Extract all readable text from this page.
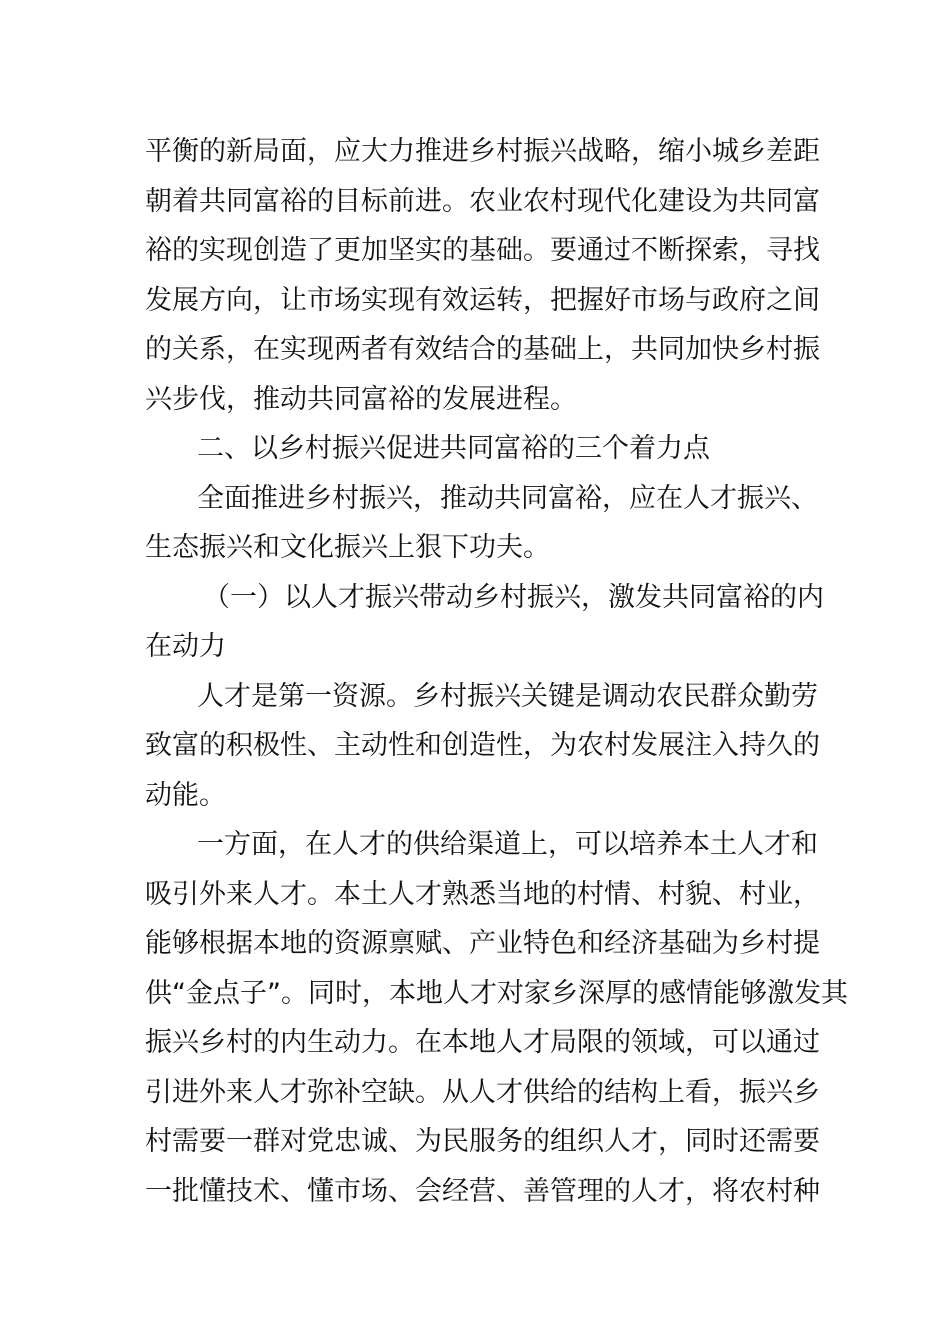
平衡的新局面，应大力推进乡村振兴战略，缩小城乡差距
朝着共同富裕的目标前进。农业农村现代化建设为共同富
裕的实现创造了更加坚实的基础。要通过不断探索，寻找
发展方向，让市场实现有效运转，把握好市场与政府之间
的关系，在实现两者有效结合的基础上，共同加快乡村振
兴步伐，推动共同富裕的发展进程。
二、以乡村振兴促进共同富裕的三个着力点
全面推进乡村振兴，推动共同富裕，应在人才振兴、
生态振兴和文化振兴上狠下功夫。
（一）以人才振兴带动乡村振兴，激发共同富裕的内
在动力
人才是第一资源。乡村振兴关键是调动农民群众勤劳
致富的积极性、主动性和创造性，为农村发展注入持久的
动能。
一方面，在人才的供给渠道上，可以培养本土人才和
吸引外来人才。本土人才熟悉当地的村情、村貌、村业，
能够根据本地的资源禀赋、产业特色和经济基础为乡村提
供“金点子”。同时，本地人才对家乡深厚的感情能够激发其
振兴乡村的内生动力。在本地人才局限的领域，可以通过
引进外来人才弥补空缺。从人才供给的结构上看，振兴乡
村需要一群对党忠诚、为民服务的组织人才，同时还需要
一批懂技术、懂市场、会经营、善管理的人才，将农村种
